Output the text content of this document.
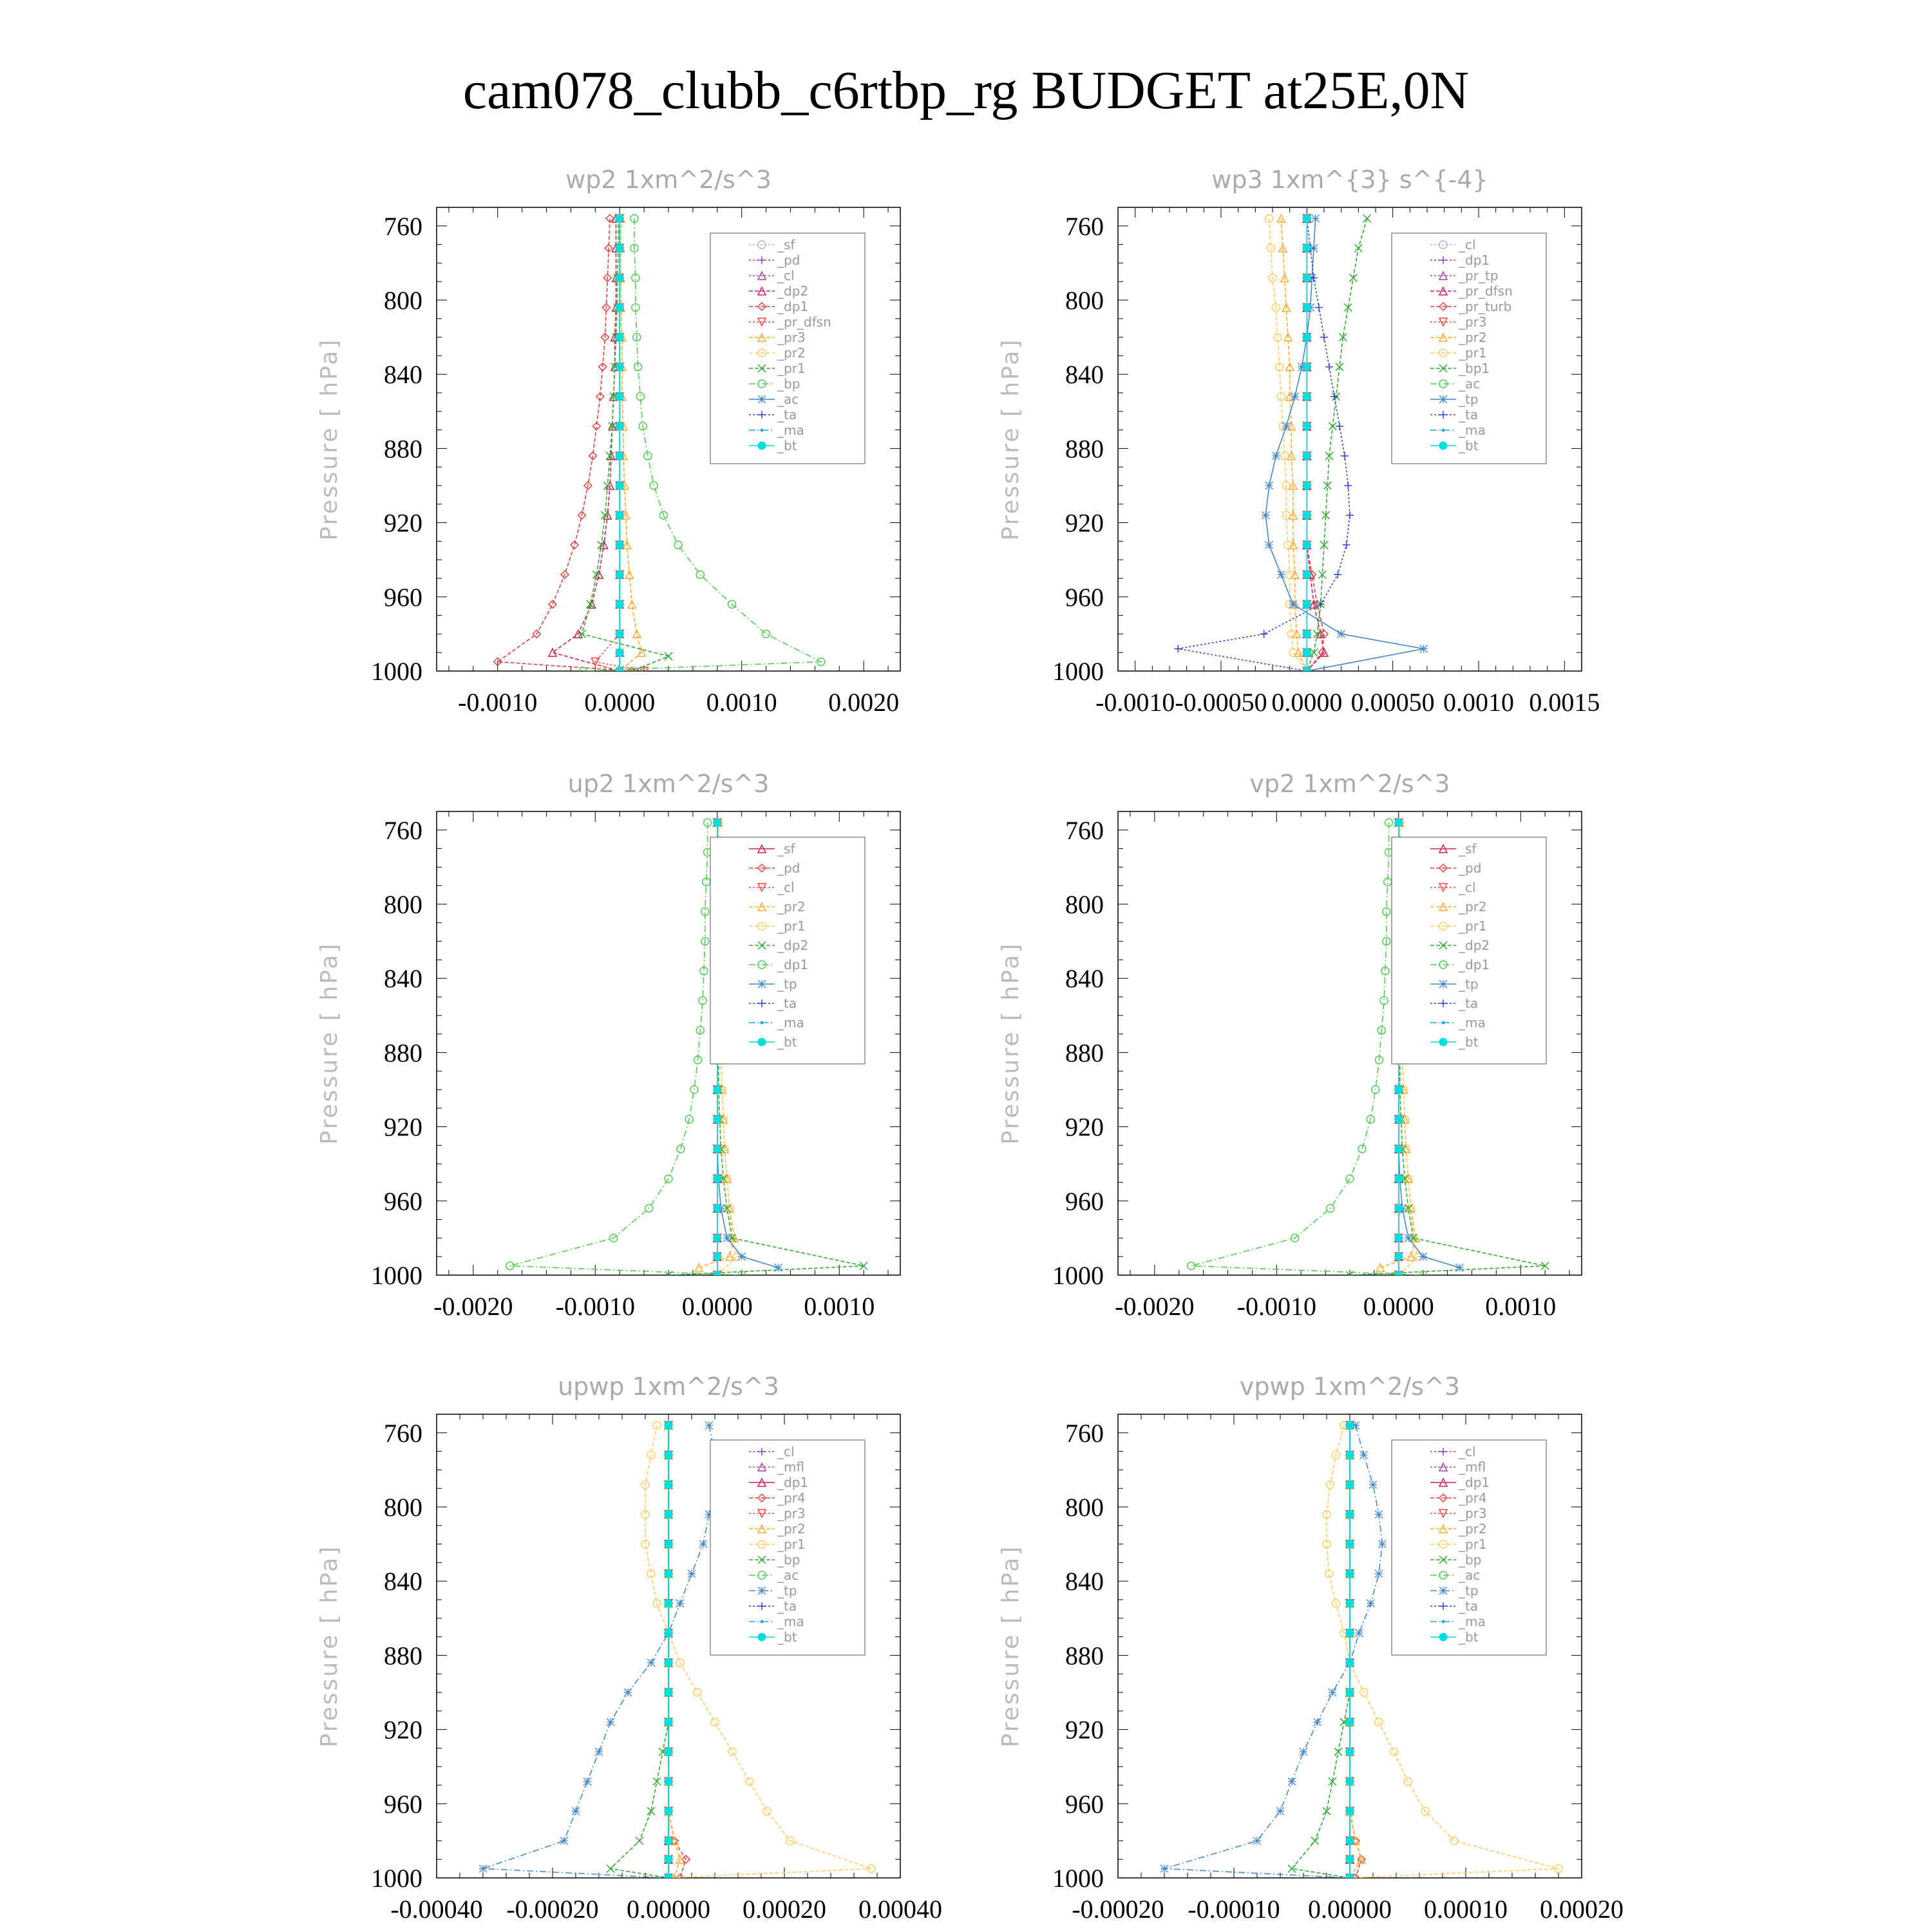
cam078_clubb_c6rtbp_rg BUDGET at25E,0N
wp2 1xm^2/s^3
Pressure [ hPa]
760
800
840
880
920
960
1000
-0.0010 0.0000 0.0010 0.0020
_sf
_pd
_cl
_dp2
_dp1
_pr_dfsn
_pr3
_pr2
_pr1
_bp
_ac
_ta
_ma
_bt
wp3 1xm^{3} s^{-4}
Pressure [ hPa]
760
800
840
880
920
960
1000
-0.0010 -0.00050 0.0000 0.00050 0.0010 0.0015
_cl
_dp1
_pr_tp
_pr_dfsn
_pr_turb
_pr3
_pr2
_pr1
_bp1
_ac
_tp
_ta
_ma
_bt
up2 1xm^2/s^3
Pressure [ hPa]
760
800
840
880
920
960
1000
-0.0020 -0.0010 0.0000 0.0010
_sf
_pd
_cl
_pr2
_pr1
_dp2
_dp1
_tp
_ta
_ma
_bt
vp2 1xm^2/s^3
Pressure [ hPa]
760
800
840
880
920
960
1000
-0.0020 -0.0010 0.0000 0.0010
_sf
_pd
_cl
_pr2
_pr1
_dp2
_dp1
_tp
_ta
_ma
_bt
upwp 1xm^2/s^3
Pressure [ hPa]
760
800
840
880
920
960
1000
-0.00040 -0.00020 0.00000 0.00020 0.00040
_cl
_mfl
_dp1
_pr4
_pr3
_pr2
_pr1
_bp
_ac
_tp
_ta
_ma
_bt
vpwp 1xm^2/s^3
Pressure [ hPa]
760
800
840
880
920
960
1000
-0.00020 -0.00010 0.00000 0.00010 0.00020
_cl
_mfl
_dp1
_pr4
_pr3
_pr2
_pr1
_bp
_ac
_tp
_ta
_ma
_bt
